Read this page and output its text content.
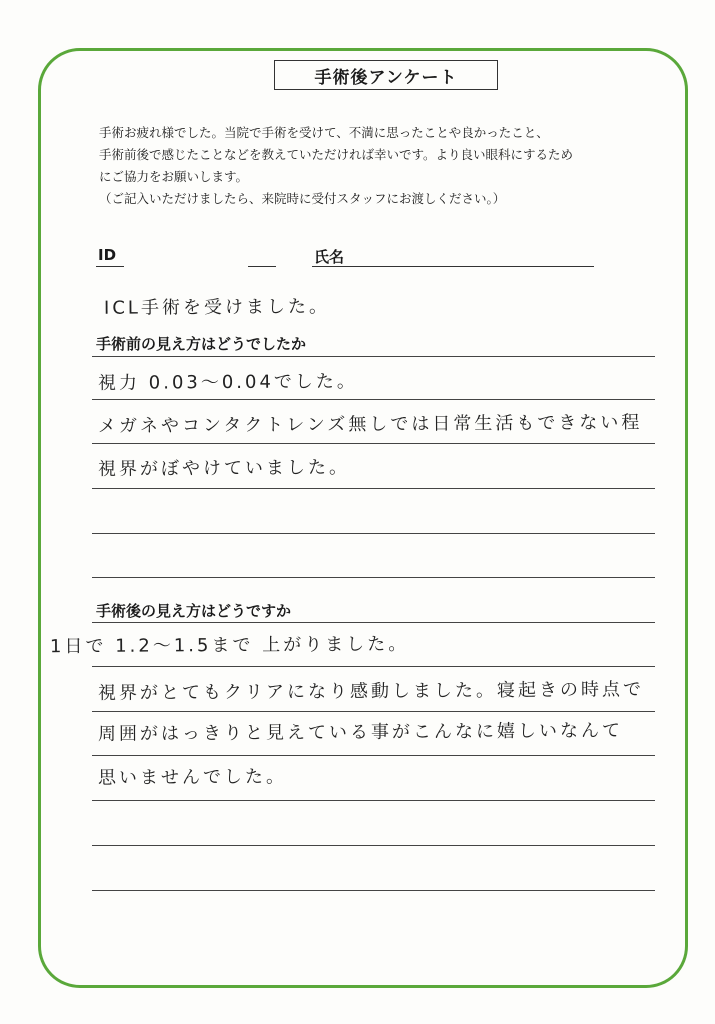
手術後アンケート
手術お疲れ様でした。当院で手術を受けて、不満に思ったことや良かったこと、
手術前後で感じたことなどを教えていただければ幸いです。より良い眼科にするため
にご協力をお願いします。
（ご記入いただけましたら、来院時に受付スタッフにお渡しください。）
ID	氏名
ICL手術を受けました。
手術前の見え方はどうでしたか
視力 0.03～0.04でした。
メガネやコンタクトレンズ無しでは日常生活もできない程
視界がぼやけていました。
手術後の見え方はどうですか
1日で 1.2～1.5まで 上がりました。
視界がとてもクリアになり感動しました。寝起きの時点で
周囲がはっきりと見えている事がこんなに嬉しいなんて
思いませんでした。
